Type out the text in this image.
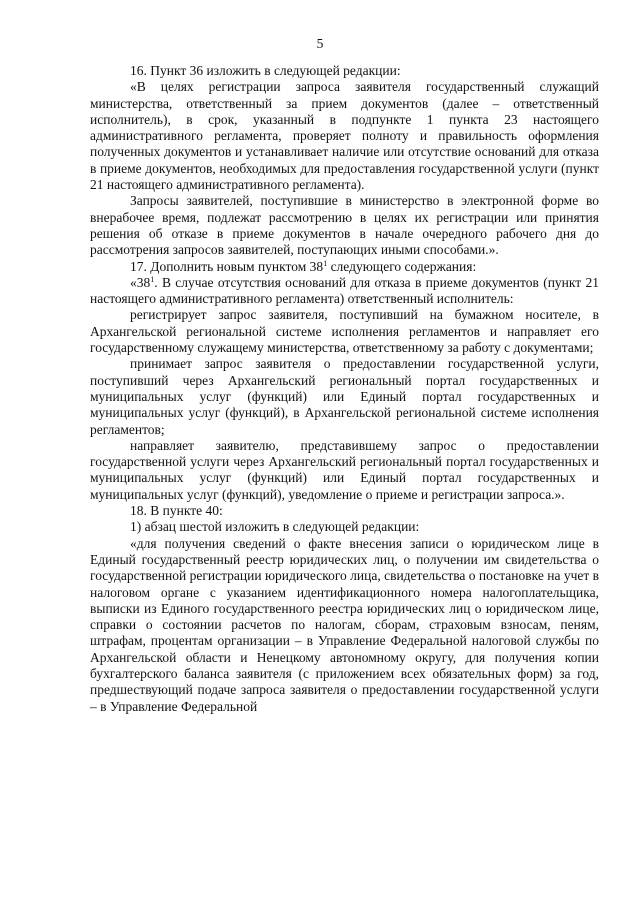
5

16. Пункт 36 изложить в следующей редакции:

«В целях регистрации запроса заявителя государственный служащий министерства, ответственный за прием документов (далее – ответственный исполнитель), в срок, указанный в подпункте 1 пункта 23 настоящего административного регламента, проверяет полноту и правильность оформления полученных документов и устанавливает наличие или отсутствие оснований для отказа в приеме документов, необходимых для предоставления государственной услуги (пункт 21 настоящего административного регламента).

Запросы заявителей, поступившие в министерство в электронной форме во внерабочее время, подлежат рассмотрению в целях их регистрации или принятия решения об отказе в приеме документов в начале очередного рабочего дня до рассмотрения запросов заявителей, поступающих иными способами.».

17. Дополнить новым пунктом $38^1$ следующего содержания:

«$38^1$. В случае отсутствия оснований для отказа в приеме документов (пункт 21 настоящего административного регламента) ответственный исполнитель:

регистрирует запрос заявителя, поступивший на бумажном носителе, в Архангельской региональной системе исполнения регламентов и направляет его государственному служащему министерства, ответственному за работу с документами;

принимает запрос заявителя о предоставлении государственной услуги, поступивший через Архангельский региональный портал государственных и муниципальных услуг (функций) или Единый портал государственных и муниципальных услуг (функций), в Архангельской региональной системе исполнения регламентов;

направляет заявителю, представившему запрос о предоставлении государственной услуги через Архангельский региональный портал государственных и муниципальных услуг (функций) или Единый портал государственных и муниципальных услуг (функций), уведомление о приеме и регистрации запроса.».

18. В пункте 40:

1) абзац шестой изложить в следующей редакции:

«для получения сведений о факте внесения записи о юридическом лице в Единый государственный реестр юридических лиц, о получении им свидетельства о государственной регистрации юридического лица, свидетельства о постановке на учет в налоговом органе с указанием идентификационного номера налогоплательщика, выписки из Единого государственного реестра юридических лиц о юридическом лице, справки о состоянии расчетов по налогам, сборам, страховым взносам, пеням, штрафам, процентам организации – в Управление Федеральной налоговой службы по Архангельской области и Ненецкому автономному округу, для получения копии бухгалтерского баланса заявителя (с приложением всех обязательных форм) за год, предшествующий подаче запроса заявителя о предоставлении государственной услуги – в Управление Федеральной
